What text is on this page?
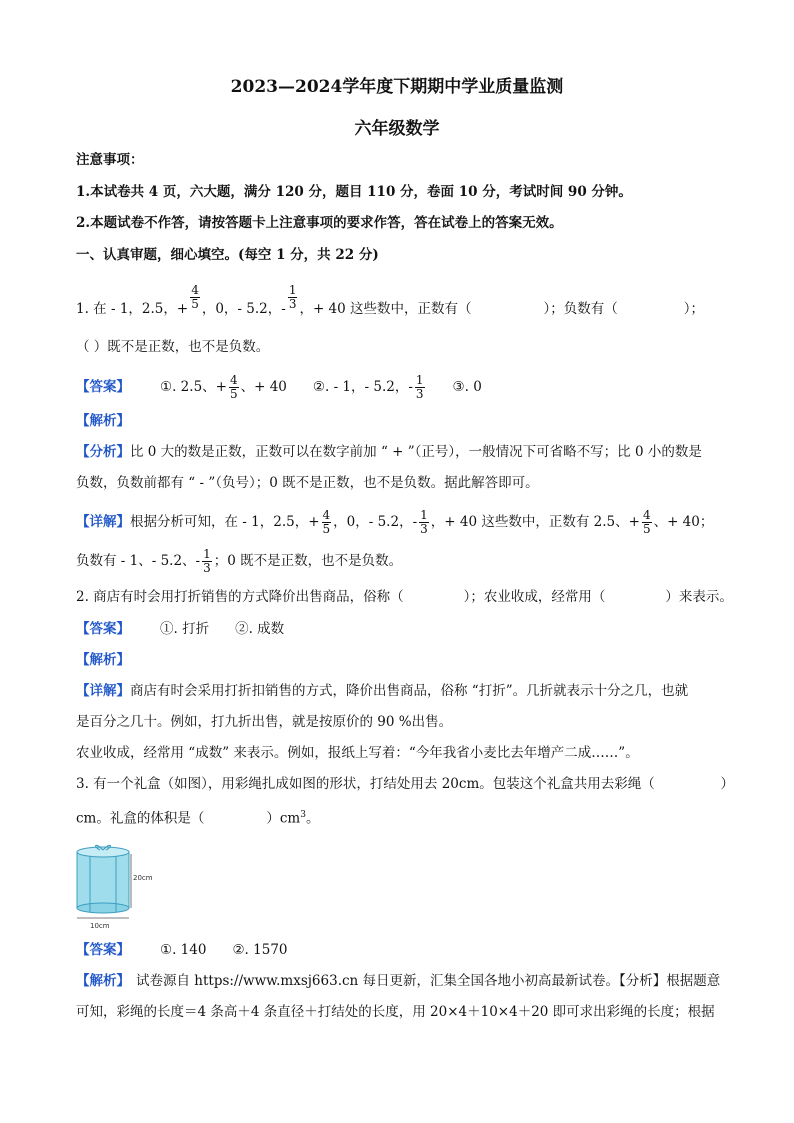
2023—2024学年度下期期中学业质量监测
六年级数学
注意事项：
1.本试卷共 4 页，六大题，满分 120 分，题目 110 分，卷面 10 分，考试时间 90 分钟。
2.本题试卷不作答，请按答题卡上注意事项的要求作答，答在试卷上的答案无效。
一、认真审题，细心填空。(每空 1 分，共 22 分)
1. 在 - 1，2.5，+ $\frac{4}{5}$ ，0，- 5.2，- $\frac{1}{3}$ ，+ 40 这些数中，正数有（	）；负数有（	）；
（ ）既不是正数，也不是负数。
【答案】 ①. 2.5、+ $\frac{4}{5}$ 、+ 40 ②. - 1，- 5.2，- $\frac{1}{3}$ ③. 0
【解析】
【分析】比 0 大的数是正数，正数可以在数字前加 “ + ”（正号），一般情况下可省略不写；比 0 小的数是
负数，负数前都有 “ - ”（负号）；0 既不是正数，也不是负数。据此解答即可。
【详解】根据分析可知，在 - 1，2.5，+ $\frac{4}{5}$ ，0，- 5.2，- $\frac{1}{3}$ ，+ 40 这些数中，正数有 2.5、+ $\frac{4}{5}$ 、+ 40；
负数有 - 1、- 5.2、- $\frac{1}{3}$ ；0 既不是正数，也不是负数。
2. 商店有时会用打折销售的方式降价出售商品，俗称（	）；农业收成，经常用（	）来表示。
【答案】 ①. 打折 ②. 成数
【解析】
【详解】商店有时会采用打折扣销售的方式，降价出售商品，俗称 “打折”。几折就表示十分之几，也就
是百分之几十。例如，打九折出售，就是按原价的 90 %出售。
农业收成，经常用 “成数” 来表示。例如，报纸上写着：“今年我省小麦比去年增产二成……”。
3. 有一个礼盒（如图），用彩绳扎成如图的形状，打结处用去 20cm。包装这个礼盒共用去彩绳（	）
cm。礼盒的体积是（	）$cm^3$。
20cm
10cm
【答案】 ①. 140 ②. 1570
【解析】 试卷源自 https://www.mxsj663.cn 每日更新，汇集全国各地小初高最新试卷。【分析】根据题意
可知，彩绳的长度＝4 条高＋4 条直径＋打结处的长度，用 20×4＋10×4＋20 即可求出彩绳的长度；根据
